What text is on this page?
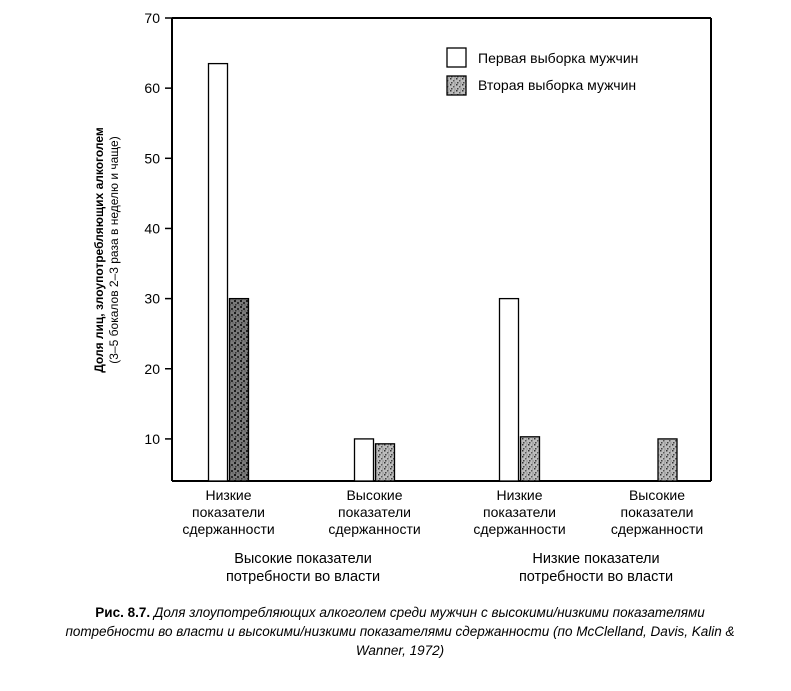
Доля лиц, злоупотребляющих алкоголем (3–5 бокалов 2–3 раза в неделю и чаще)
10
20
30
40
50
60
70
Низкие
показатели
сдержанности
Высокие
показатели
сдержанности
Низкие
показатели
сдержанности
Высокие
показатели
сдержанности
Высокие показатели
потребности во власти
Низкие показатели
потребности во власти
Первая выборка мужчин
Вторая выборка мужчин
Рис. 8.7. Доля злоупотребляющих алкоголем среди мужчин с высокими/низкими показателями потребности во власти и высокими/низкими показателями сдержанности (по McClelland, Davis, Kalin & Wanner, 1972)
